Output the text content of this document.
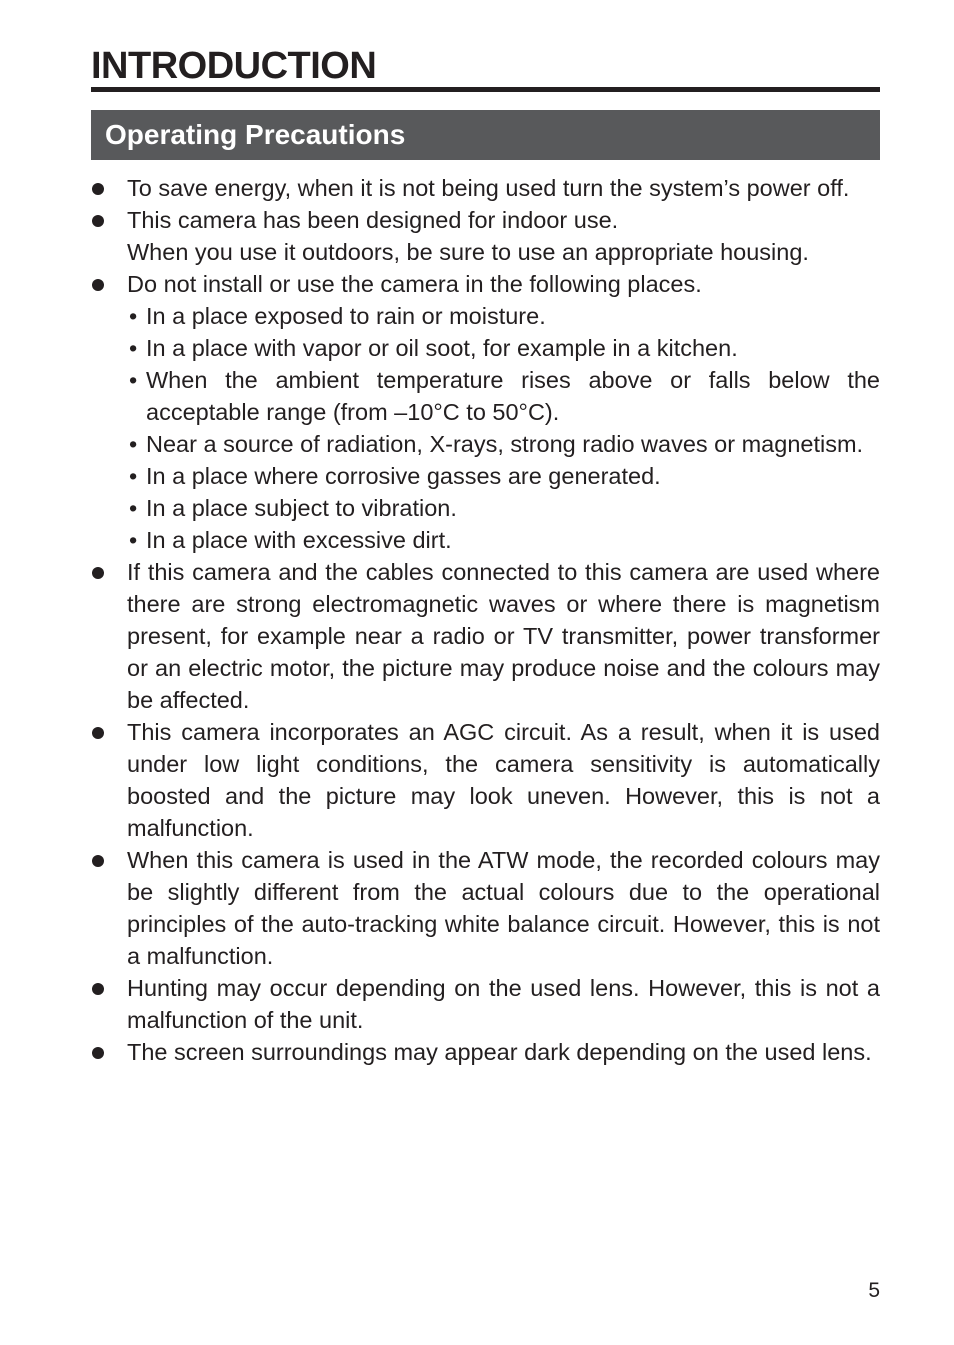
INTRODUCTION
Operating Precautions
To save energy, when it is not being used turn the system’s power off.
This camera has been designed for indoor use.
When you use it outdoors, be sure to use an appropriate housing.
Do not install or use the camera in the following places.
• In a place exposed to rain or moisture.
• In a place with vapor or oil soot, for example in a kitchen.
• When the ambient temperature rises above or falls below the acceptable range (from –10°C to 50°C).
• Near a source of radiation, X-rays, strong radio waves or magnetism.
• In a place where corrosive gasses are generated.
• In a place subject to vibration.
• In a place with excessive dirt.
If this camera and the cables connected to this camera are used where there are strong electromagnetic waves or where there is magnetism present, for example near a radio or TV transmitter, power transformer or an electric motor, the picture may produce noise and the colours may be affected.
This camera incorporates an AGC circuit. As a result, when it is used under low light conditions, the camera sensitivity is automatically boosted and the picture may look uneven. However, this is not a malfunction.
When this camera is used in the ATW mode, the recorded colours may be slightly different from the actual colours due to the operational principles of the auto-tracking white balance circuit. However, this is not a malfunction.
Hunting may occur depending on the used lens. However, this is not a malfunction of the unit.
The screen surroundings may appear dark depending on the used lens.
5
